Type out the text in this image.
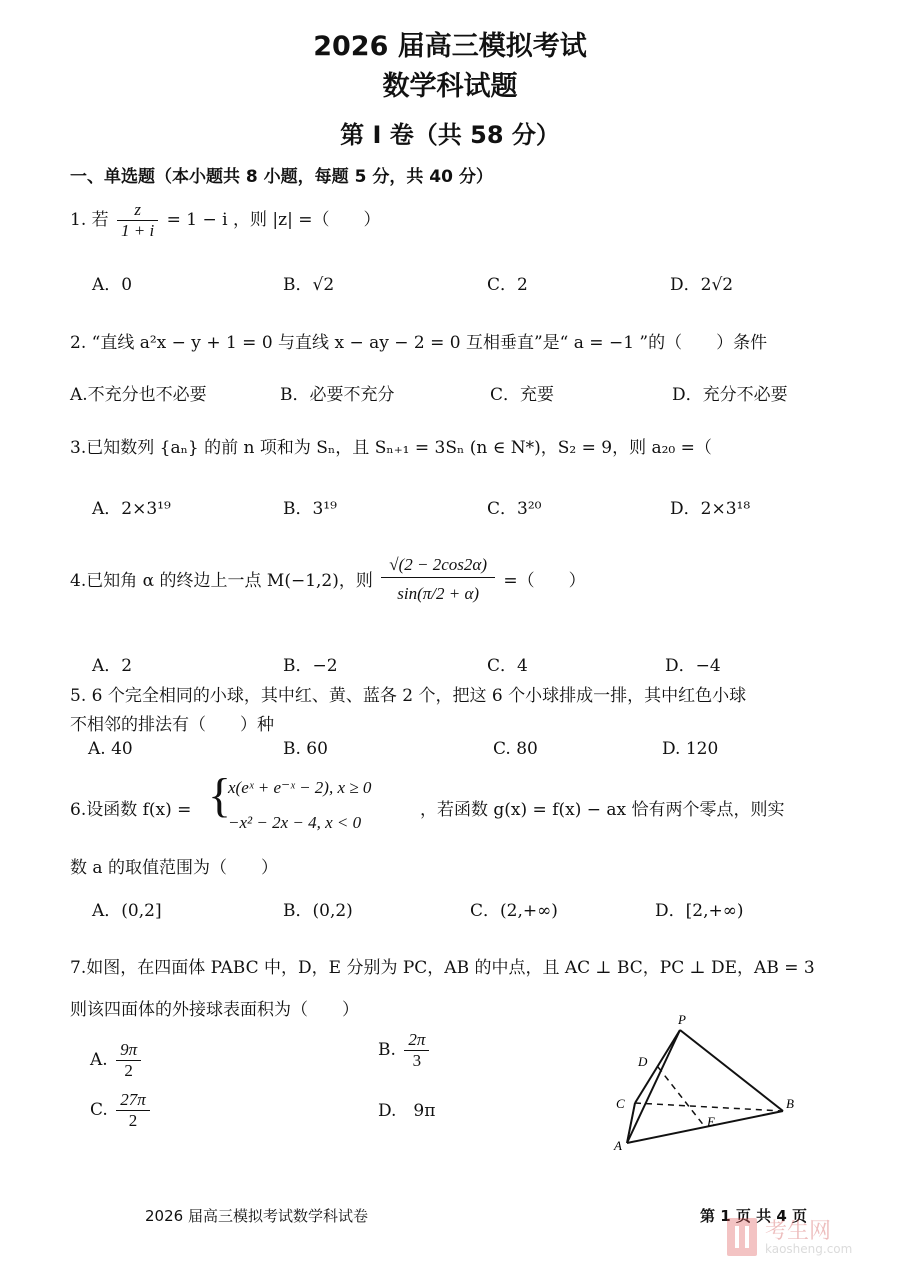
2026 届高三模拟考试
数学科试题
第 I 卷（共 58 分）
一、单选题（本小题共 8 小题，每题 5 分，共 40 分）
1. 若 $\frac{z}{1 + i} = 1 - i$ ，则 |z| =（　　）
A．0	B．√2	C．2	D．2√2
2. “直线 a²x − y + 1 = 0 与直线 x − ay − 2 = 0 互相垂直”是“ a = −1 ”的（　　）条件
A.不充分也不必要	B．必要不充分	C．充要	D．充分不必要
3.已知数列 {aₙ} 的前 n 项和为 Sₙ，且 Sₙ₊₁ = 3Sₙ (n ∈ N*)，S₂ = 9，则 a₂₀ =（
A．2×3¹⁹	B．3¹⁹	C．3²⁰	D．2×3¹⁸
4.已知角 α 的终边上一点 M(−1,2)，则 $\frac{√(2 - 2\cos 2\alpha)}{\sin(\pi/2 + \alpha)}$ =（　　）
A．2	B．−2	C．4	D．−4
5. 6 个完全相同的小球，其中红、黄、蓝各 2 个，把这 6 个小球排成一排，其中红色小球
不相邻的排法有（　　）种
A. 40	B. 60	C. 80	D. 120
6.设函数 f(x) = {
x(eˣ + e⁻ˣ − 2), x ≥ 0
−x² − 2x − 4, x < 0
，若函数 g(x) = f(x) − ax 恰有两个零点，则实
数 a 的取值范围为（　　）
A．(0,2]	B．(0,2)	C．(2,+∞)	D．[2,+∞)
7.如图，在四面体 PABC 中，D，E 分别为 PC，AB 的中点，且 AC ⊥ BC，PC ⊥ DE，AB = 3
则该四面体的外接球表面积为（　　）
A. $\frac{9\pi}{2}$	B. $\frac{2\pi}{3}$
C. $\frac{27\pi}{2}$	D.　9π
P
D
C
A
E
B
2026 届高三模拟考试数学科试卷	第 1 页 共 4 页
考生网
kaosheng.com
